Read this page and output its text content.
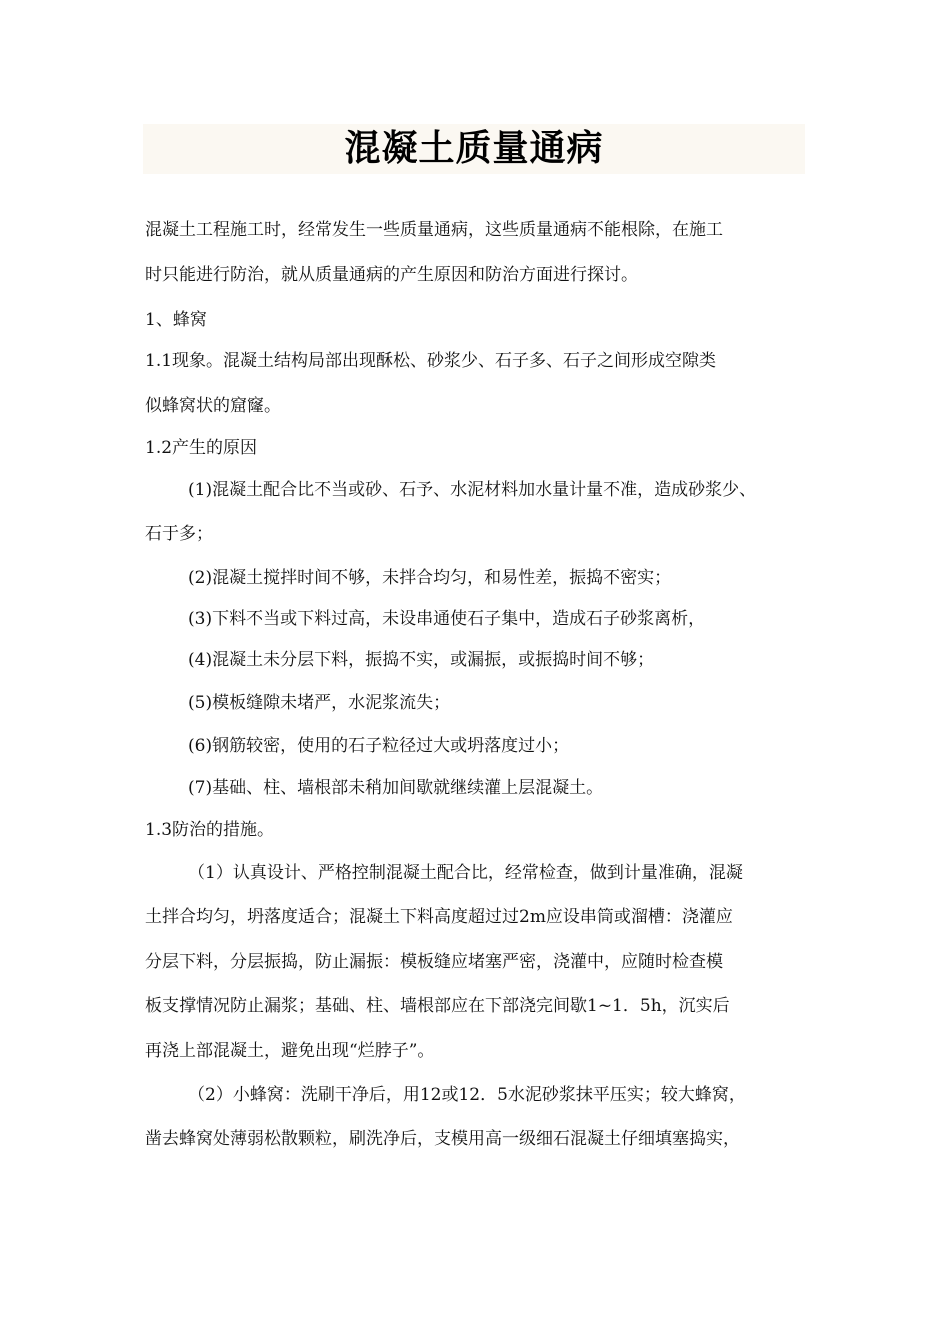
混凝土质量通病
混凝土工程施工时，经常发生一些质量通病，这些质量通病不能根除，在施工
时只能进行防治，就从质量通病的产生原因和防治方面进行探讨。
1、蜂窝
1.1现象。混凝土结构局部出现酥松、砂浆少、石子多、石子之间形成空隙类
似蜂窝状的窟窿。
1.2产生的原因
(1)混凝土配合比不当或砂、石予、水泥材料加水量计量不准，造成砂浆少、
石于多；
(2)混凝土搅拌时间不够，未拌合均匀，和易性差，振捣不密实；
(3)下料不当或下料过高，未设串通使石子集中，造成石子砂浆离析，
(4)混凝土未分层下料，振捣不实，或漏振，或振捣时间不够；
(5)模板缝隙未堵严，水泥浆流失；
(6)钢筋较密，使用的石子粒径过大或坍落度过小；
(7)基础、柱、墙根部未稍加间歇就继续灌上层混凝土。
1.3防治的措施。
（1）认真设计、严格控制混凝土配合比，经常检查，做到计量准确，混凝
土拌合均匀，坍落度适合；混凝土下料高度超过过2m应设串筒或溜槽：浇灌应
分层下料，分层振捣，防止漏振：模板缝应堵塞严密，浇灌中，应随时检查模
板支撑情况防止漏浆；基础、柱、墙根部应在下部浇完间歇1~1．5h，沉实后
再浇上部混凝土，避免出现“烂脖子”。
（2）小蜂窝：洗刷干净后，用12或12．5水泥砂浆抹平压实；较大蜂窝，
凿去蜂窝处薄弱松散颗粒，刷洗净后，支模用高一级细石混凝土仔细填塞捣实，
